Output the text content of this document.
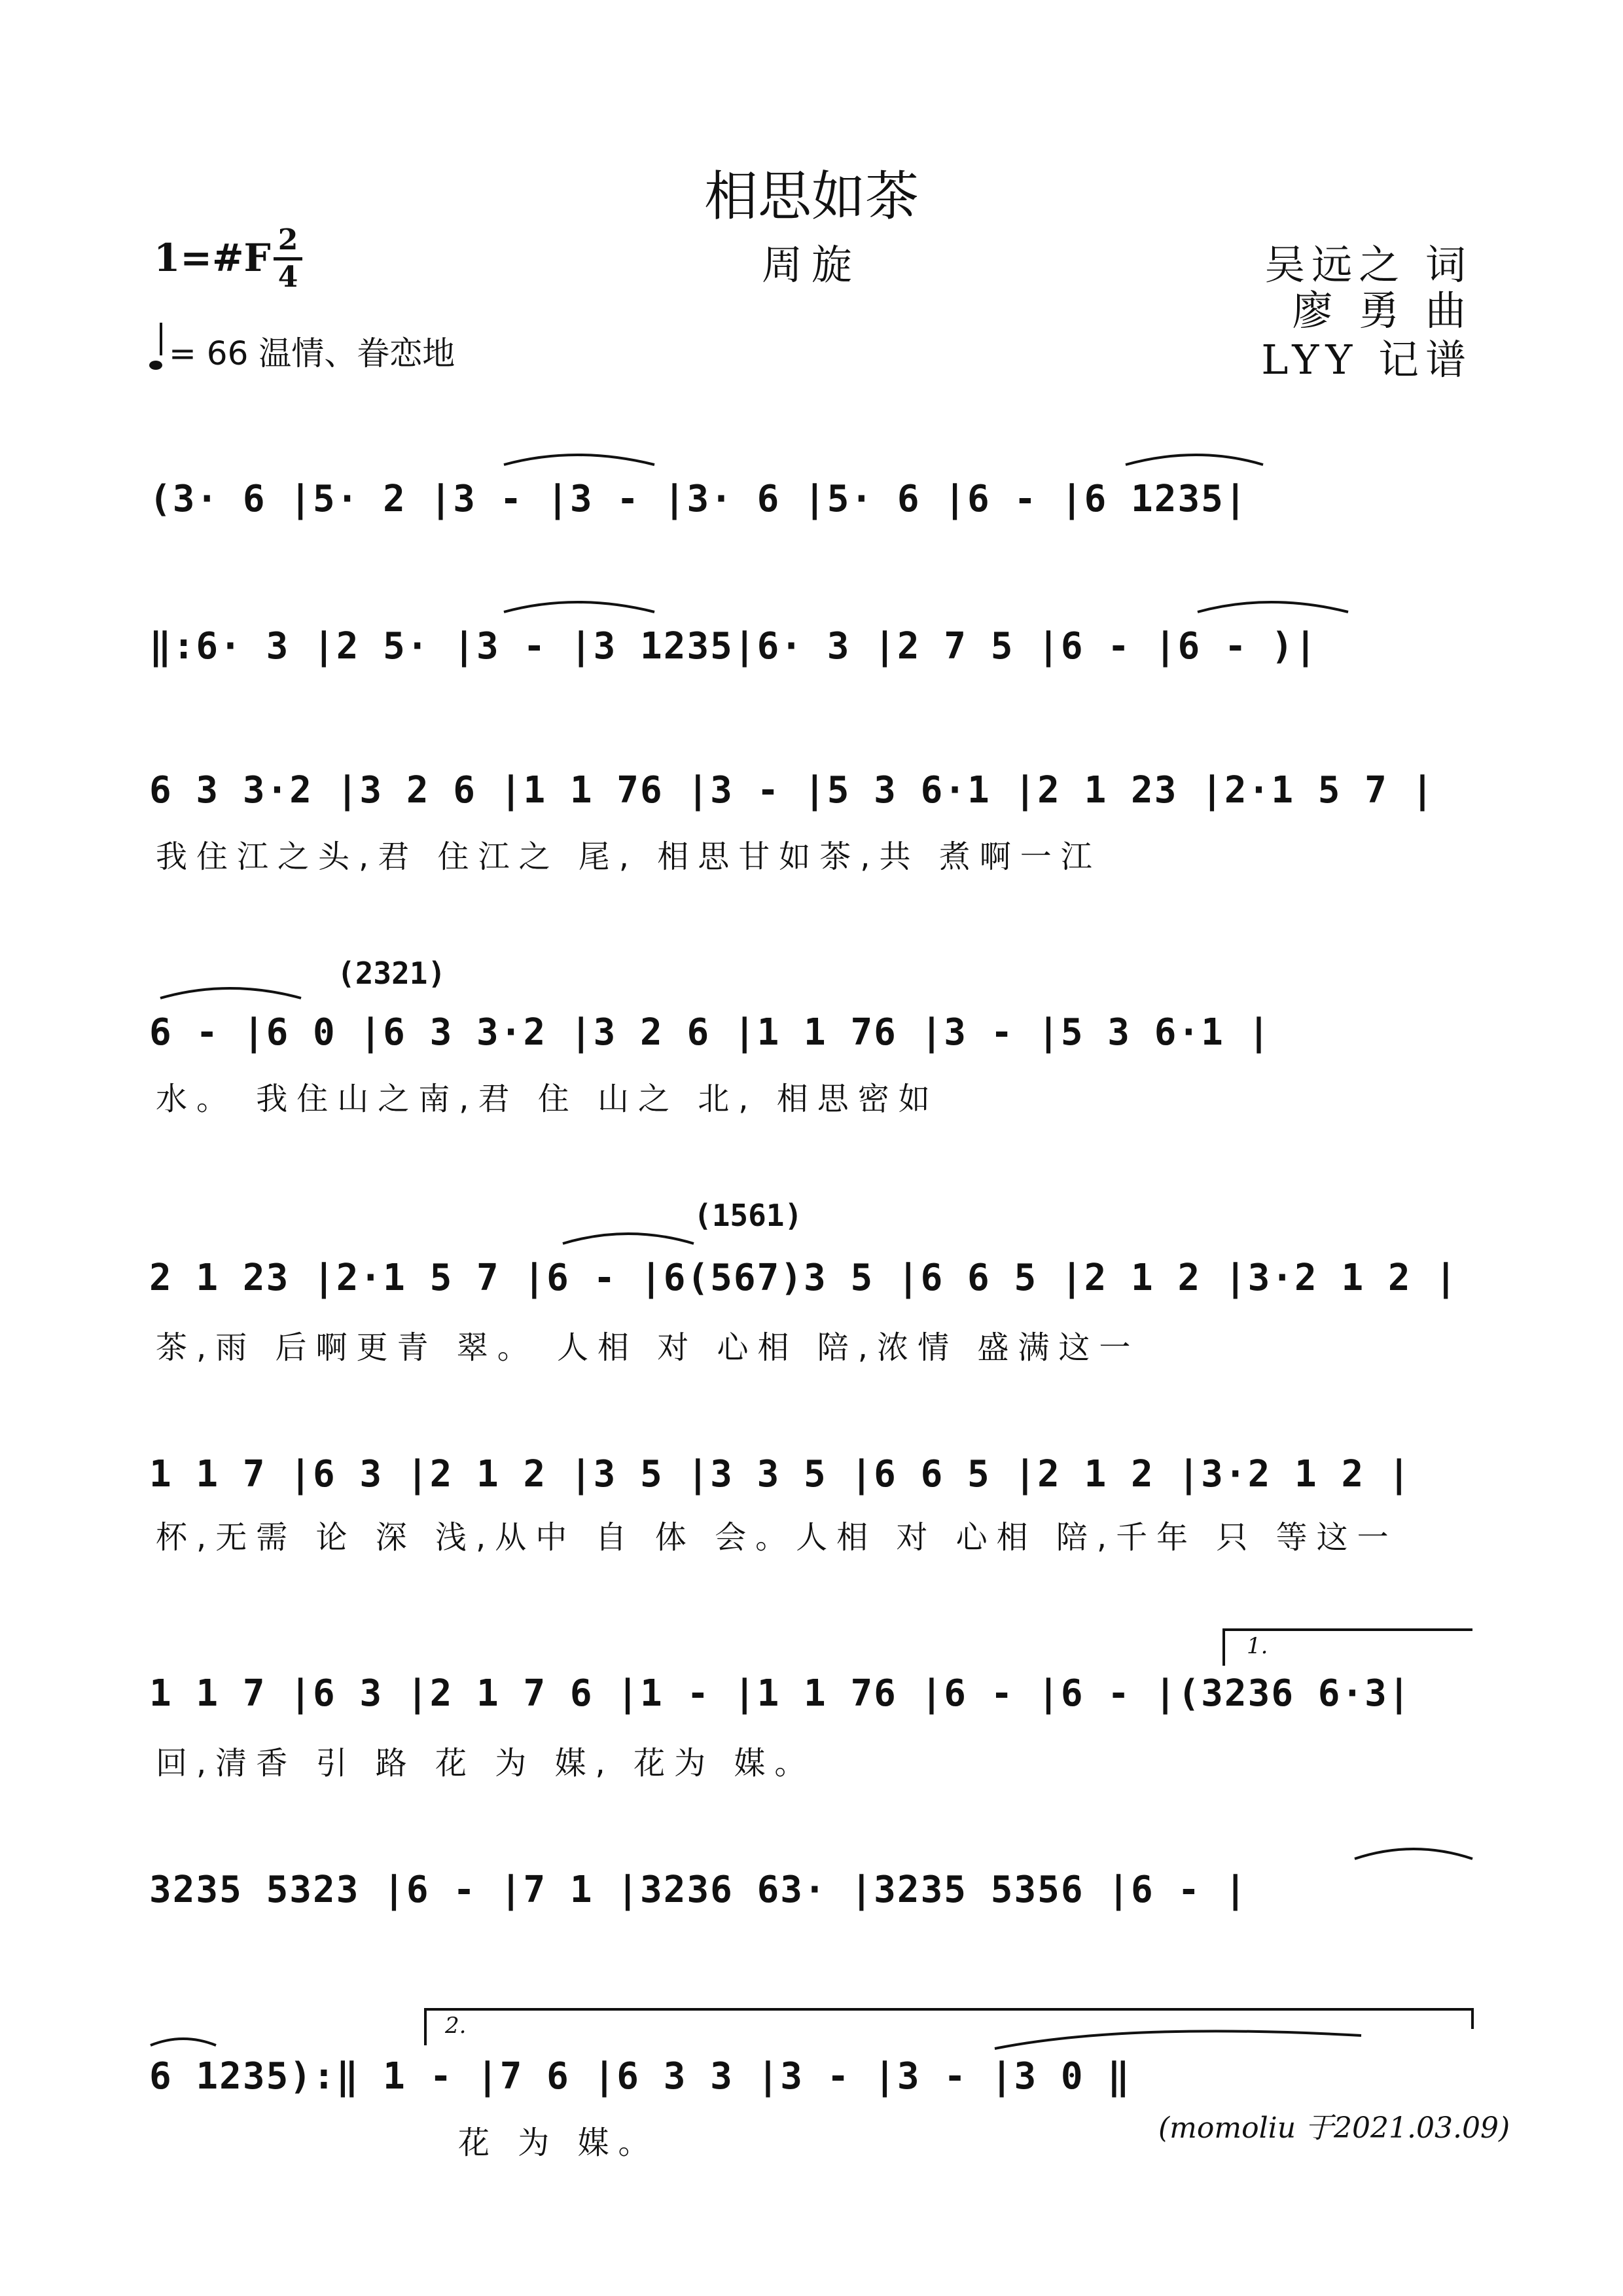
相思如茶
周旋	吴远之 词
廖 勇 曲
LYY 记谱
1=#F 2
4
= 66 温情、眷恋地
(3· 6 |5· 2 |3 - |3 - |3· 6 |5· 6 |6 - |6 1235|
‖:6· 3 |2 5· |3 - |3 1235|6· 3 |2 7 5 |6 - |6 - )|
6 3 3·2 |3 2 6 |1 1 76 |3 - |5 3 6·1 |2 1 23 |2·1 5 7 |
我住江之头,君 住江之 尾, 相思甘如茶,共 煮啊一江
(2321)
6 - |6 0 |6 3 3·2 |3 2 6 |1 1 76 |3 - |5 3 6·1 |
水。 我住山之南,君 住 山之 北, 相思密如
(1561)
2 1 23 |2·1 5 7 |6 - |6(567)3 5 |6 6 5 |2 1 2 |3·2 1 2 |
茶,雨 后啊更青 翠。 人相 对 心相 陪,浓情 盛满这一
1 1 7 |6 3 |2 1 2 |3 5 |3 3 5 |6 6 5 |2 1 2 |3·2 1 2 |
杯,无需 论 深 浅,从中 自 体 会。人相 对 心相 陪,千年 只 等这一
1.
1 1 7 |6 3 |2 1 7 6 |1 - |1 1 76 |6 - |6 - |(3236 6·3|
回,清香 引 路 花 为 媒, 花为 媒。
3235 5323 |6 - |7 1 |3236 63· |3235 5356 |6 - |
2.
6 1235):‖ 1 - |7 6 |6 3 3 |3 - |3 - |3 0 ‖
花 为 媒。	(momoliu 于2021.03.09)
